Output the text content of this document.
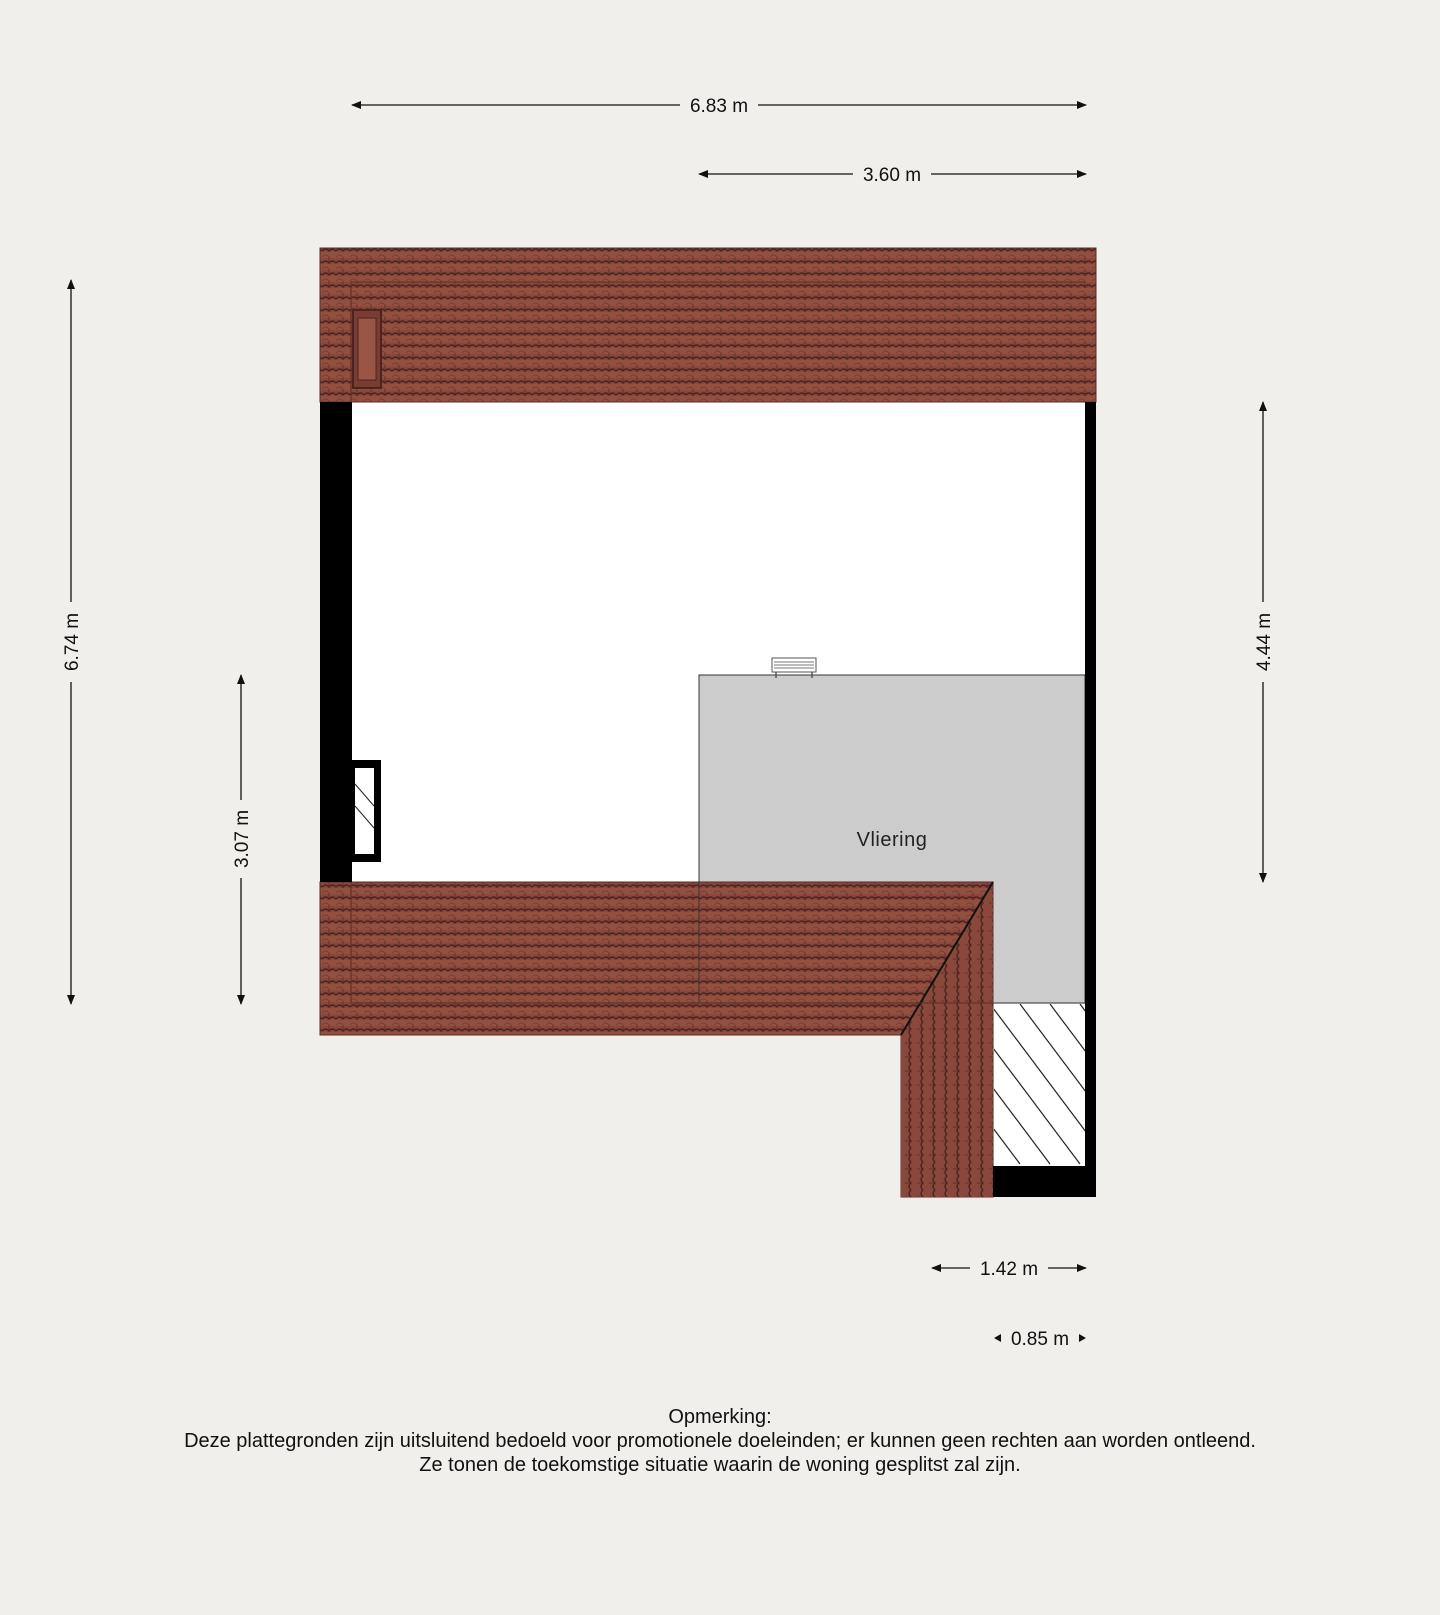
Vliering
6.83 m
3.60 m
6.74 m
3.07 m
4.44 m
1.42 m
0.85 m
Opmerking:
Deze plattegronden zijn uitsluitend bedoeld voor promotionele doeleinden; er kunnen geen rechten aan worden ontleend.
Ze tonen de toekomstige situatie waarin de woning gesplitst zal zijn.
